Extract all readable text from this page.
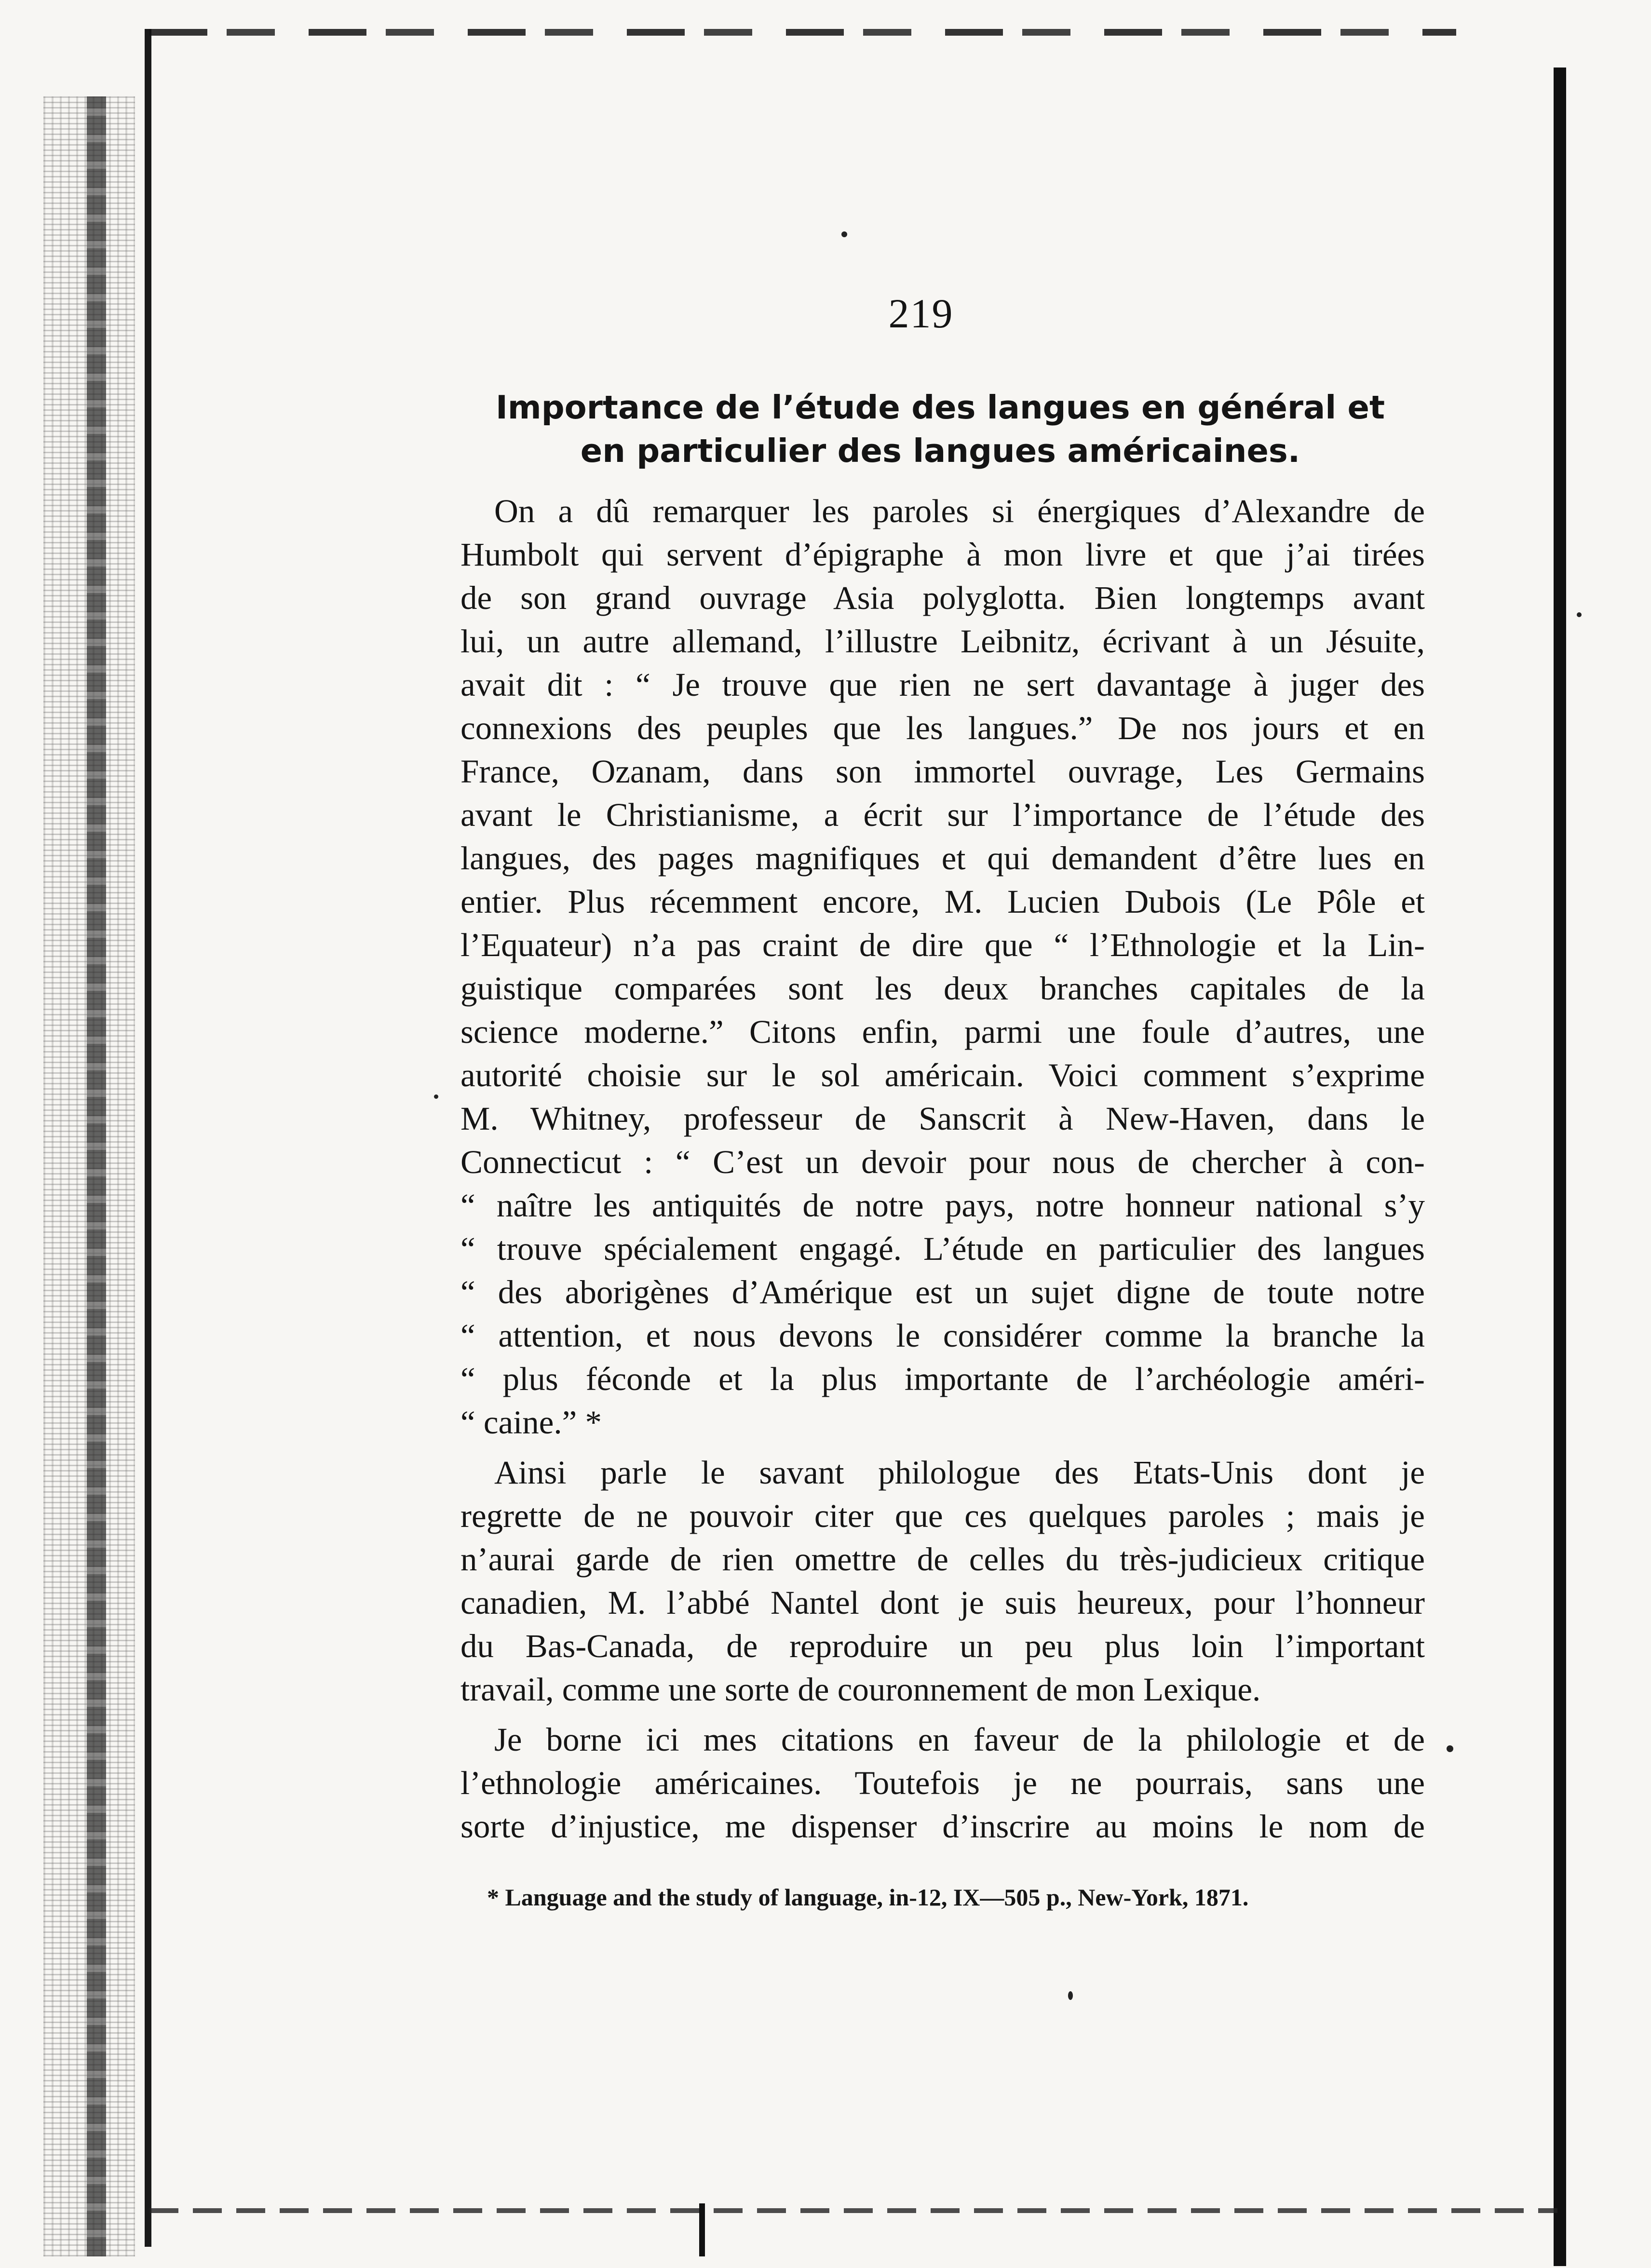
219
Importance de l’étude des langues en général et
en particulier des langues américaines.

On a dû remarquer les paroles si énergiques d’Alexandre de
Humbolt qui servent d’épigraphe à mon livre et que j’ai tirées
de son grand ouvrage Asia polyglotta. Bien longtemps avant
lui, un autre allemand, l’illustre Leibnitz, écrivant à un Jésuite,
avait dit : “ Je trouve que rien ne sert davantage à juger des
connexions des peuples que les langues.” De nos jours et en
France, Ozanam, dans son immortel ouvrage, Les Germains
avant le Christianisme, a écrit sur l’importance de l’étude des
langues, des pages magnifiques et qui demandent d’être lues en
entier. Plus récemment encore, M. Lucien Dubois (Le Pôle et
l’Equateur) n’a pas craint de dire que “ l’Ethnologie et la Lin-
guistique comparées sont les deux branches capitales de la
science moderne.” Citons enfin, parmi une foule d’autres, une
autorité choisie sur le sol américain. Voici comment s’exprime
M. Whitney, professeur de Sanscrit à New-Haven, dans le
Connecticut : “ C’est un devoir pour nous de chercher à con-
“ naître les antiquités de notre pays, notre honneur national s’y
“ trouve spécialement engagé. L’étude en particulier des langues
“ des aborigènes d’Amérique est un sujet digne de toute notre
“ attention, et nous devons le considérer comme la branche la
“ plus féconde et la plus importante de l’archéologie améri-
“ caine.” *

Ainsi parle le savant philologue des Etats-Unis dont je
regrette de ne pouvoir citer que ces quelques paroles ; mais je
n’aurai garde de rien omettre de celles du très-judicieux critique
canadien, M. l’abbé Nantel dont je suis heureux, pour l’honneur
du Bas-Canada, de reproduire un peu plus loin l’important
travail, comme une sorte de couronnement de mon Lexique.

Je borne ici mes citations en faveur de la philologie et de
l’ethnologie américaines. Toutefois je ne pourrais, sans une
sorte d’injustice, me dispenser d’inscrire au moins le nom de

* Language and the study of language, in-12, IX—505 p., New-York, 1871.
